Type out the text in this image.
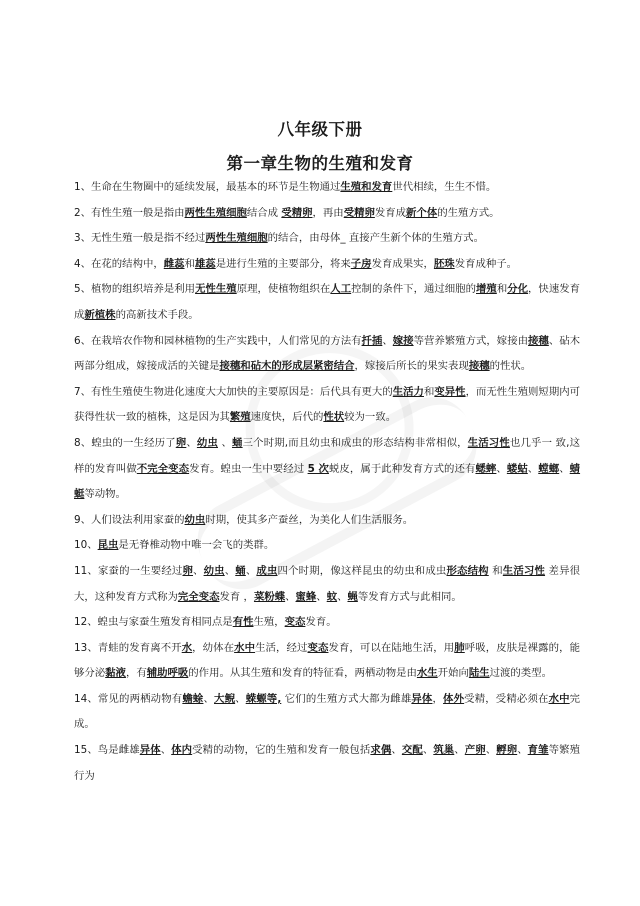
八年级下册
第一章生物的生殖和发育

1、生命在生物圈中的延续发展，最基本的环节是生物通过生殖和发育世代相续，生生不惜。

2、有性生殖一般是指由两性生殖细胞结合成 受精卵，再由受精卵发育成新个体的生殖方式。

3、无性生殖一般是指不经过两性生殖细胞的结合，由母体_ 直接产生新个体的生殖方式。

4、在花的结构中，雌蕊和雄蕊是进行生殖的主要部分，将来子房发育成果实，胚珠发育成种子。

5、植物的组织培养是利用无性生殖原理，使植物组织在人工控制的条件下，通过细胞的增殖和分化，快速发育成新植株的高新技术手段。

6、在栽培农作物和园林植物的生产实践中，人们常见的方法有扦插、嫁接等营养繁殖方式，嫁接由接穗、砧木两部分组成，嫁接成活的关键是接穗和砧木的形成层紧密结合，嫁接后所长的果实表现接穗的性状。

7、有性生殖使生物进化速度大大加快的主要原因是：后代具有更大的生活力和变异性，而无性生殖则短期内可获得性状一致的植株，这是因为其繁殖速度快，后代的性状较为一致。

8、蝗虫的一生经历了卵、幼虫 、蛹三个时期,而且幼虫和成虫的形态结构非常相似，生活习性也几乎一 致,这样的发育叫做不完全变态发育。蝗虫一生中要经过 5 次蜕皮，属于此种发育方式的还有蟋蟀、蝼蛄、螳螂、蜻蜓等动物。

9、人们设法利用家蚕的幼虫时期，使其多产蚕丝，为美化人们生活服务。

10、昆虫是无脊椎动物中唯一会飞的类群。

11、家蚕的一生要经过卵、幼虫、蛹、成虫四个时期，像这样昆虫的幼虫和成虫形态结构 和生活习性 差异很大，这种发育方式称为完全变态发育 ，菜粉蝶、蜜蜂、蚊、蝇等发育方式与此相同。

12、蝗虫与家蚕生殖发育相同点是有性生殖，变态发育。

13、青蛙的发育离不开水，幼体在水中生活，经过变态发育，可以在陆地生活，用肺呼吸，皮肤是裸露的，能够分泌黏液，有辅助呼吸的作用。从其生殖和发育的特征看，两栖动物是由水生开始向陆生过渡的类型。

14、常见的两栖动物有蟾蜍、大鲵、蝾螈等, 它们的生殖方式大都为雌雄异体，体外受精，受精必须在水中完成。

15、鸟是雌雄异体、体内受精的动物，它的生殖和发育一般包括求偶、交配、筑巢、产卵、孵卵、育雏等繁殖行为
